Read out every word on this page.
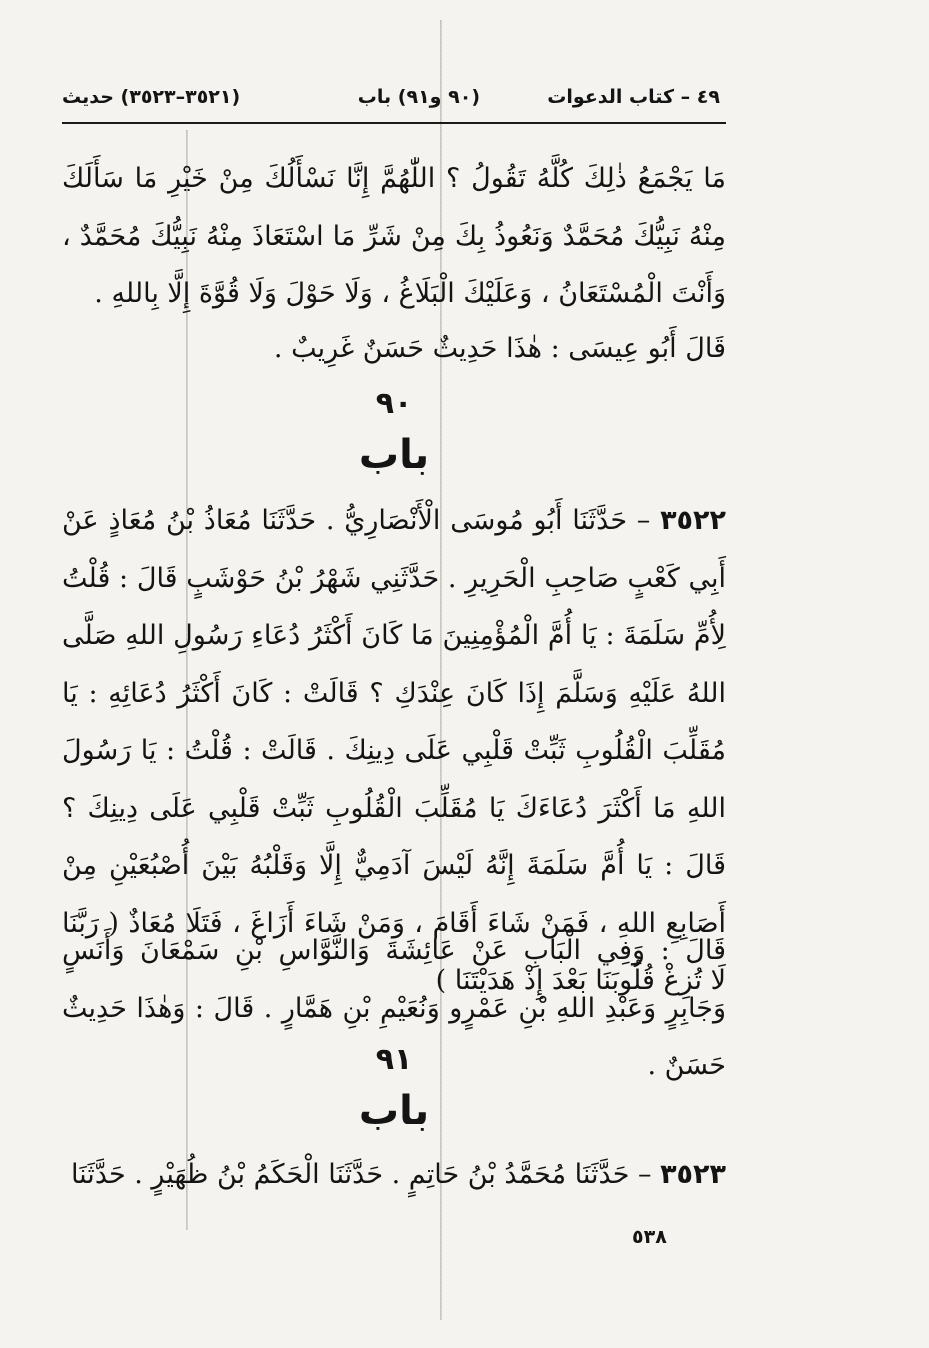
٤٩ – كتاب الدعوات
(٩٠ و٩١) باب
(٣٥٢١–٣٥٢٣) حديث
مَا يَجْمَعُ ذٰلِكَ كُلَّهُ تَقُولُ ؟ اللّٰهُمَّ إِنَّا نَسْأَلُكَ مِنْ خَيْرِ مَا سَأَلَكَ مِنْهُ نَبِيُّكَ مُحَمَّدٌ وَنَعُوذُ بِكَ مِنْ شَرِّ مَا اسْتَعَاذَ مِنْهُ نَبِيُّكَ مُحَمَّدٌ ، وَأَنْتَ الْمُسْتَعَانُ ، وَعَلَيْكَ الْبَلَاغُ ، وَلَا حَوْلَ وَلَا قُوَّةَ إِلَّا بِاللهِ .
قَالَ أَبُو عِيسَى : هٰذَا حَدِيثٌ حَسَنٌ غَرِيبٌ .
٩٠
باب
٣٥٢٢ – حَدَّثَنَا أَبُو مُوسَى الْأَنْصَارِيُّ . حَدَّثَنَا مُعَاذُ بْنُ مُعَاذٍ عَنْ أَبِي كَعْبٍ صَاحِبِ الْحَرِيرِ . حَدَّثَنِي شَهْرُ بْنُ حَوْشَبٍ قَالَ : قُلْتُ لِأُمِّ سَلَمَةَ : يَا أُمَّ الْمُؤْمِنِينَ مَا كَانَ أَكْثَرُ دُعَاءِ رَسُولِ اللهِ صَلَّى اللهُ عَلَيْهِ وَسَلَّمَ إِذَا كَانَ عِنْدَكِ ؟ قَالَتْ : كَانَ أَكْثَرُ دُعَائِهِ : يَا مُقَلِّبَ الْقُلُوبِ ثَبِّتْ قَلْبِي عَلَى دِينِكَ . قَالَتْ : قُلْتُ : يَا رَسُولَ اللهِ مَا أَكْثَرَ دُعَاءَكَ يَا مُقَلِّبَ الْقُلُوبِ ثَبِّتْ قَلْبِي عَلَى دِينِكَ ؟ قَالَ : يَا أُمَّ سَلَمَةَ إِنَّهُ لَيْسَ آدَمِيٌّ إِلَّا وَقَلْبُهُ بَيْنَ أُصْبُعَيْنِ مِنْ أَصَابِعِ اللهِ ، فَمَنْ شَاءَ أَقَامَ ، وَمَنْ شَاءَ أَزَاغَ ، فَتَلَا مُعَاذٌ ( رَبَّنَا لَا تُزِغْ قُلُوبَنَا بَعْدَ إِذْ هَدَيْتَنَا )
قَالَ : وَفِي الْبَابِ عَنْ عَائِشَةَ وَالنَّوَّاسِ بْنِ سَمْعَانَ وَأَنَسٍ وَجَابِرٍ وَعَبْدِ اللهِ بْنِ عَمْرٍو وَنُعَيْمِ بْنِ هَمَّارٍ . قَالَ : وَهٰذَا حَدِيثٌ حَسَنٌ .
٩١
باب
٣٥٢٣ – حَدَّثَنَا مُحَمَّدُ بْنُ حَاتِمٍ . حَدَّثَنَا الْحَكَمُ بْنُ ظُهَيْرٍ . حَدَّثَنَا
٥٣٨
